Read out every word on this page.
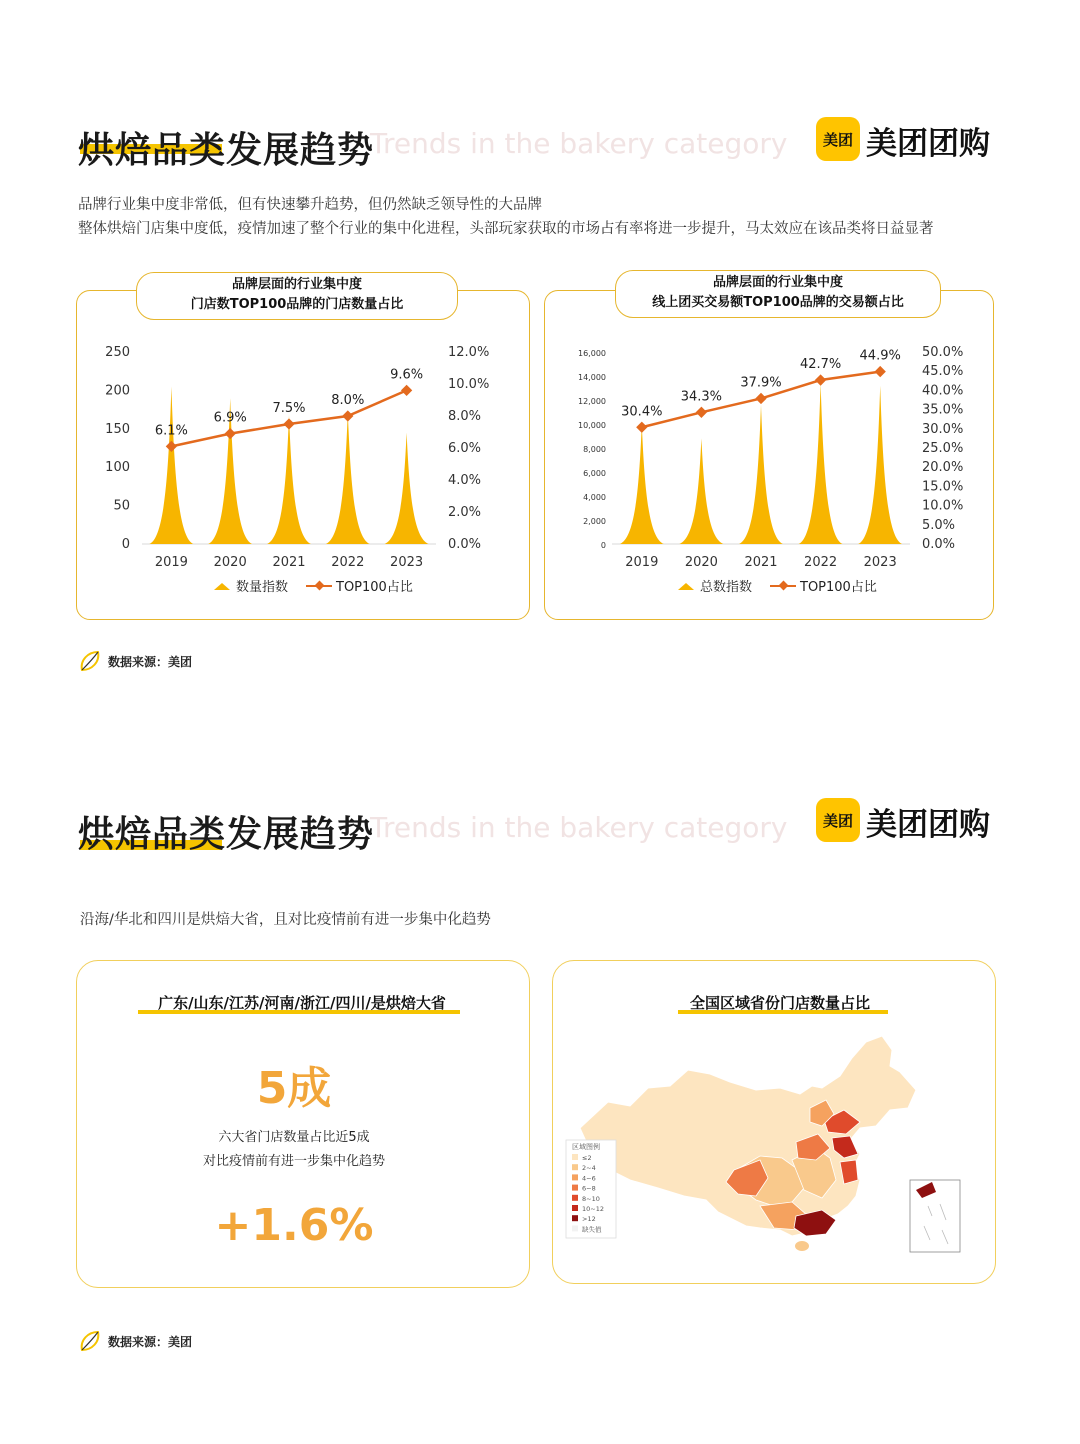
烘焙品类发展趋势
Trends in the bakery category 美团 美团团购
品牌行业集中度非常低，但有快速攀升趋势，但仍然缺乏领导性的大品牌
整体烘焙门店集中度低，疫情加速了整个行业的集中化进程，头部玩家获取的市场占有率将进一步提升，马太效应在该品类将日益显著
品牌层面的行业集中度
门店数TOP100品牌的门店数量占比
250
200
150
100
50
0
12.0%
10.0%
8.0%
6.0%
4.0%
2.0%
0.0%
2019 2020 2021 2022 2023
6.1%
6.9%
7.5%
8.0%
9.6%
数量指数	TOP100占比
品牌层面的行业集中度
线上团买交易额TOP100品牌的交易额占比
16,000
14,000
12,000
10,000
8,000
6,000
4,000
2,000
0
50.0%
45.0%
40.0%
35.0%
30.0%
25.0%
20.0%
15.0%
10.0%
5.0%
0.0%
2019 2020 2021 2022 2023
30.4%
34.3%
37.9%
42.7%
44.9%
总数指数	TOP100占比
数据来源：美团
烘焙品类发展趋势
Trends in the bakery category 美团 美团团购
沿海/华北和四川是烘焙大省，且对比疫情前有进一步集中化趋势
广东/山东/江苏/河南/浙江/四川/是烘焙大省
5成
六大省门店数量占比近5成
对比疫情前有进一步集中化趋势
+1.6%
全国区域省份门店数量占比
区域图例
≤2
2~4
4~6
6~8
8~10
10~12
>12
缺失值
数据来源：美团
